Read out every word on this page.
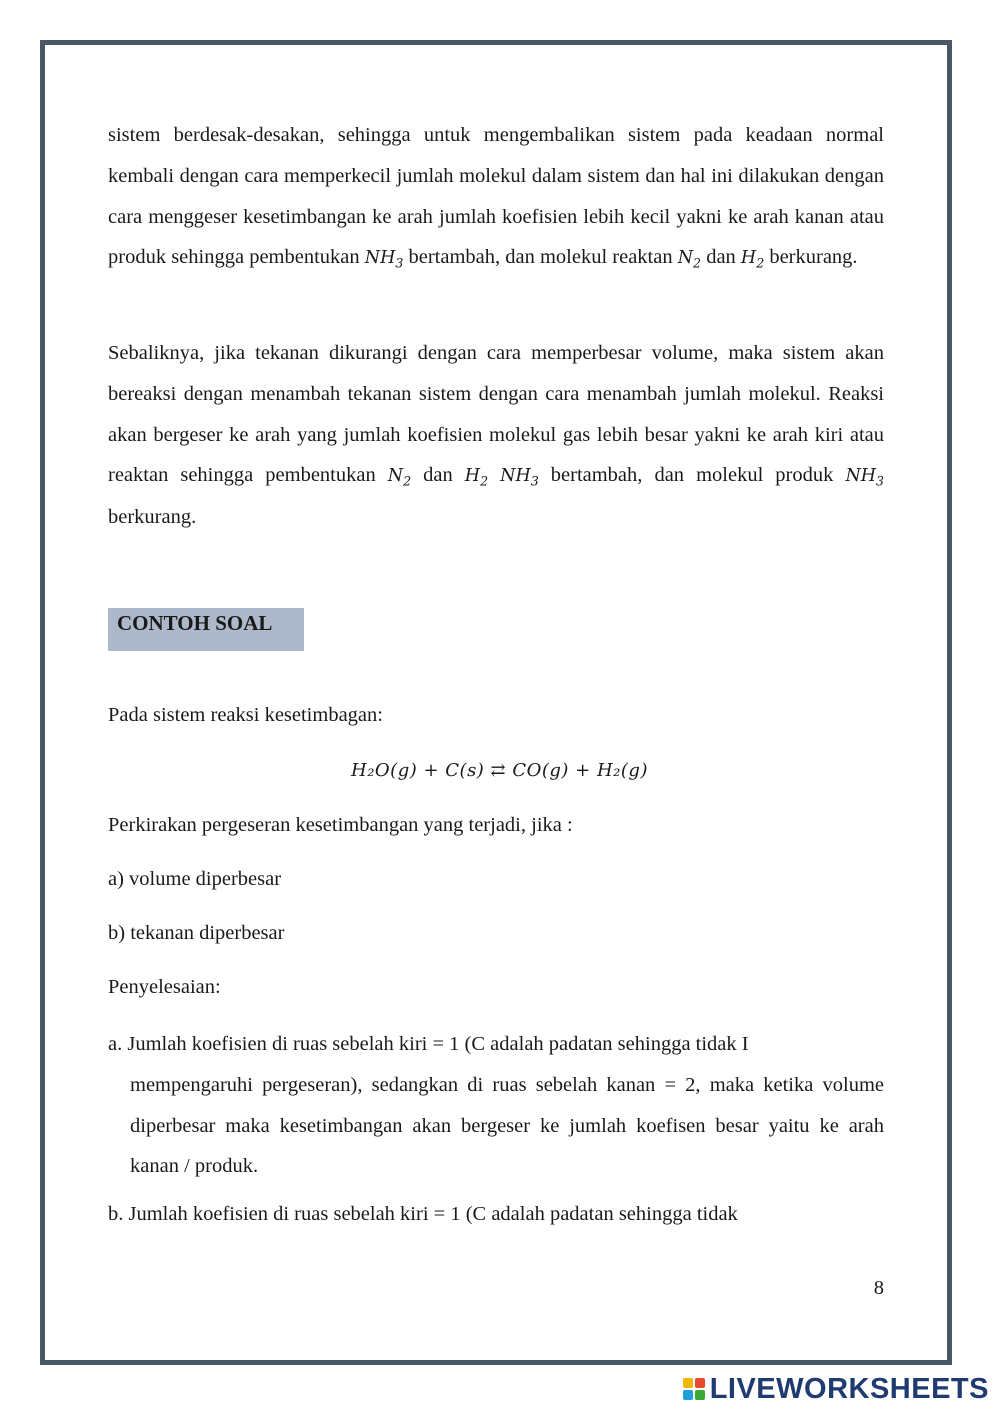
sistem berdesak-desakan, sehingga untuk mengembalikan sistem pada keadaan normal kembali dengan cara memperkecil jumlah molekul dalam sistem dan hal ini dilakukan dengan cara menggeser kesetimbangan ke arah jumlah koefisien lebih kecil yakni ke arah kanan atau produk sehingga pembentukan $NH_3$ bertambah, dan molekul reaktan $N_2$ dan $H_2$ berkurang.

Sebaliknya, jika tekanan dikurangi dengan cara memperbesar volume, maka sistem akan bereaksi dengan menambah tekanan sistem dengan cara menambah jumlah molekul. Reaksi akan bergeser ke arah yang jumlah koefisien molekul gas lebih besar yakni ke arah kiri atau reaktan sehingga pembentukan $N_2$ dan $H_2$ $NH_3$ bertambah, dan molekul produk $NH_3$ berkurang.

CONTOH SOAL
Pada sistem reaksi kesetimbagan:
H₂O(g) + C(s) ⇄ CO(g) + H₂(g)
Perkirakan pergeseran kesetimbangan yang terjadi, jika :
a) volume diperbesar
b) tekanan diperbesar
Penyelesaian:
a. Jumlah koefisien di ruas sebelah kiri = 1 (C adalah padatan sehingga tidak I
mempengaruhi pergeseran), sedangkan di ruas sebelah kanan = 2, maka ketika volume diperbesar maka kesetimbangan akan bergeser ke jumlah koefisen besar yaitu ke arah kanan / produk.
b. Jumlah koefisien di ruas sebelah kiri = 1 (C adalah padatan sehingga tidak
8
LIVEWORKSHEETS
